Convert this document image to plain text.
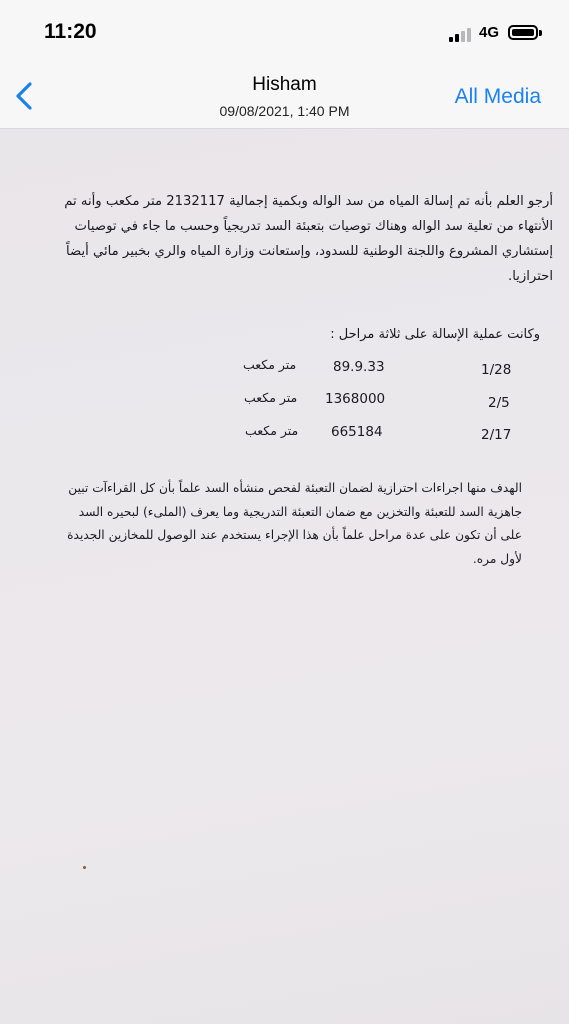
11:20	4G
Hisham
09/08/2021, 1:40 PM
All Media
أرجو العلم بأنه تم إسالة المياه من سد الواله وبكمية إجمالية 2132117 متر مكعب وأنه تم
الأنتهاء من تعلية سد الواله وهناك توصيات بتعبئة السد تدريجياً وحسب ما جاء في توصيات
إستشاري المشروع واللجنة الوطنية للسدود، وإستعانت وزارة المياه والري بخبير مائي أيضاً
احترازيا.
وكانت عملية الإسالة على ثلاثة مراحل :
1/28
89.9.33
متر مكعب
2/5
1368000
متر مكعب
2/17
665184
متر مكعب
الهدف منها اجراءات احترازية لضمان التعبئة لفحص منشأه السد علماً بأن كل القراءآت تبين
جاهزية السد للتعبئة والتخزين مع ضمان التعبئة التدريجية وما يعرف (الملىء) لبحيره السد
على أن تكون على عدة مراحل علماً بأن هذا الإجراء يستخدم عند الوصول للمخازين الجديدة
لأول مره.
